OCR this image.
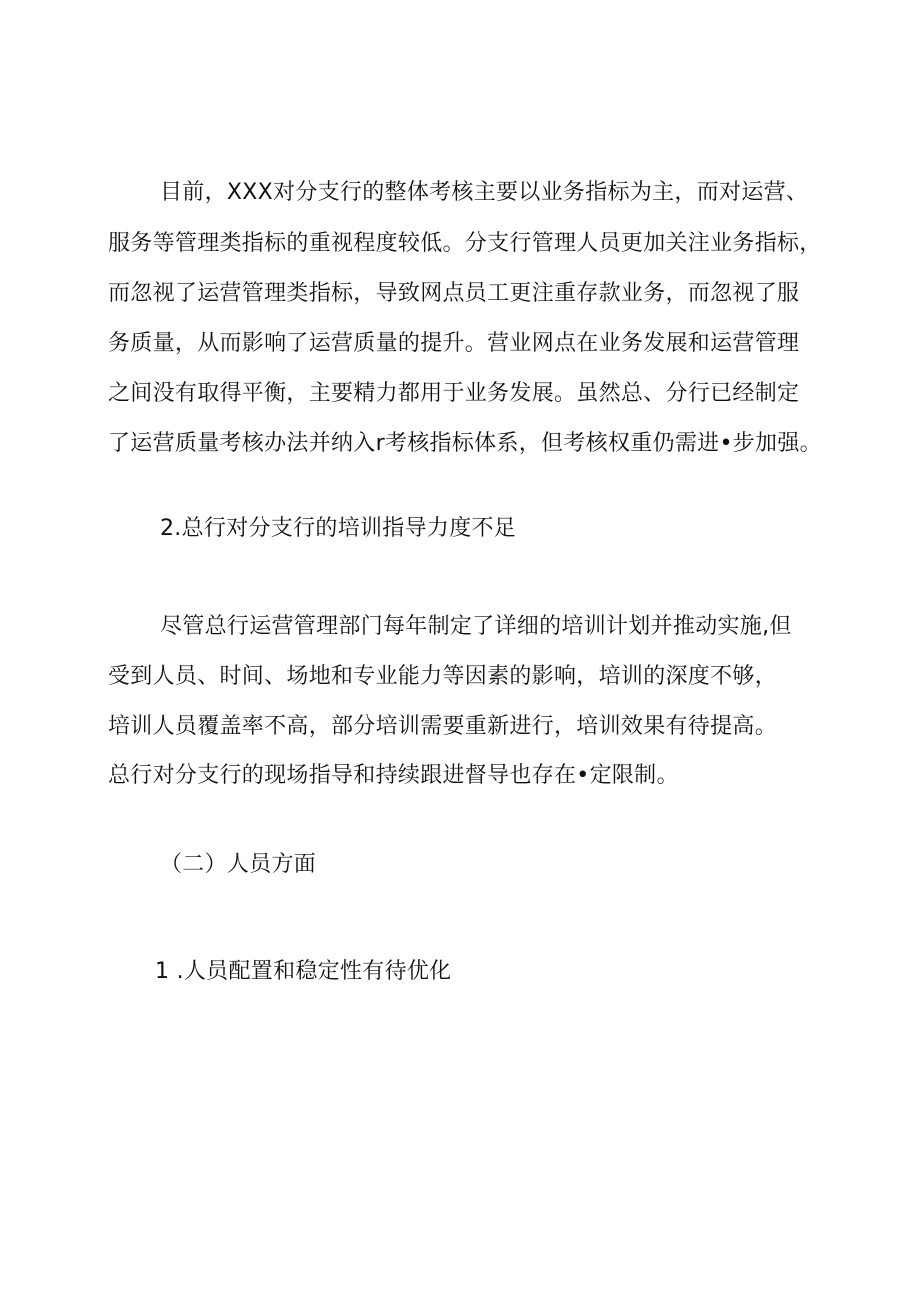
目前，XXX对分支行的整体考核主要以业务指标为主，而对运营、
服务等管理类指标的重视程度较低。分支行管理人员更加关注业务指标，
而忽视了运营管理类指标，导致网点员工更注重存款业务，而忽视了服
务质量，从而影响了运营质量的提升。营业网点在业务发展和运营管理
之间没有取得平衡，主要精力都用于业务发展。虽然总、分行已经制定
了运营质量考核办法并纳入r考核指标体系，但考核权重仍需进•步加强。
2.总行对分支行的培训指导力度不足
尽管总行运营管理部门每年制定了详细的培训计划并推动实施,但
受到人员、时间、场地和专业能力等因素的影响，培训的深度不够，
培训人员覆盖率不高，部分培训需要重新进行，培训效果有待提高。
总行对分支行的现场指导和持续跟进督导也存在•定限制。
（二）人员方面
1 .人员配置和稳定性有待优化
